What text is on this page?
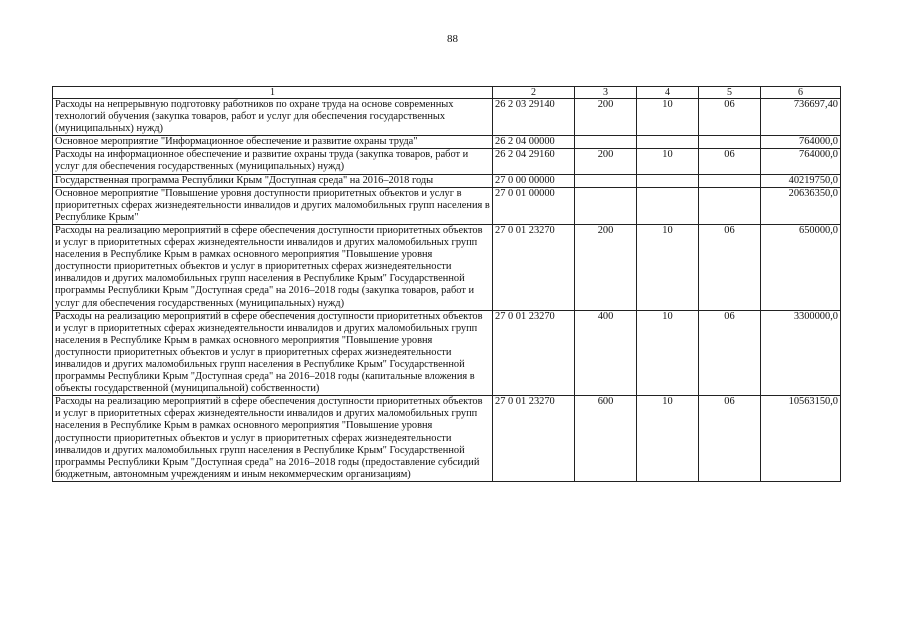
88
1	2	3	4	5	6
Расходы на непрерывную подготовку работников по охране труда на основе современных технологий обучения (закупка товаров, работ и услуг для обеспечения государственных (муниципальных) нужд)	26 2 03 29140	200	10	06	736697,40
Основное мероприятие "Информационное обеспечение и развитие охраны труда"	26 2 04 00000				764000,0
Расходы на информационное обеспечение и развитие охраны труда (закупка товаров, работ и услуг для обеспечения государственных (муниципальных) нужд)	26 2 04 29160	200	10	06	764000,0
Государственная программа Республики Крым "Доступная среда" на 2016–2018 годы	27 0 00 00000				40219750,0
Основное мероприятие "Повышение уровня доступности приоритетных объектов и услуг в приоритетных сферах жизнедеятельности инвалидов и других маломобильных групп населения в Республике Крым"	27 0 01 00000				20636350,0
Расходы на реализацию мероприятий в сфере обеспечения доступности приоритетных объектов и услуг в приоритетных сферах жизнедеятельности инвалидов и других маломобильных групп населения в Республике Крым в рамках основного мероприятия "Повышение уровня доступности приоритетных объектов и услуг в приоритетных сферах жизнедеятельности инвалидов и других маломобильных групп населения в Республике Крым" Государственной программы Республики Крым "Доступная среда" на 2016–2018 годы (закупка товаров, работ и услуг для обеспечения государственных (муниципальных) нужд)	27 0 01 23270	200	10	06	650000,0
Расходы на реализацию мероприятий в сфере обеспечения доступности приоритетных объектов и услуг в приоритетных сферах жизнедеятельности инвалидов и других маломобильных групп населения в Республике Крым в рамках основного мероприятия "Повышение уровня доступности приоритетных объектов и услуг в приоритетных сферах жизнедеятельности инвалидов и других маломобильных групп населения в Республике Крым" Государственной программы Республики Крым "Доступная среда" на 2016–2018 годы (капитальные вложения в объекты государственной (муниципальной) собственности)	27 0 01 23270	400	10	06	3300000,0
Расходы на реализацию мероприятий в сфере обеспечения доступности приоритетных объектов и услуг в приоритетных сферах жизнедеятельности инвалидов и других маломобильных групп населения в Республике Крым в рамках основного мероприятия "Повышение уровня доступности приоритетных объектов и услуг в приоритетных сферах жизнедеятельности инвалидов и других маломобильных групп населения в Республике Крым" Государственной программы Республики Крым "Доступная среда" на 2016–2018 годы (предоставление субсидий бюджетным, автономным учреждениям и иным некоммерческим организациям)	27 0 01 23270	600	10	06	10563150,0
